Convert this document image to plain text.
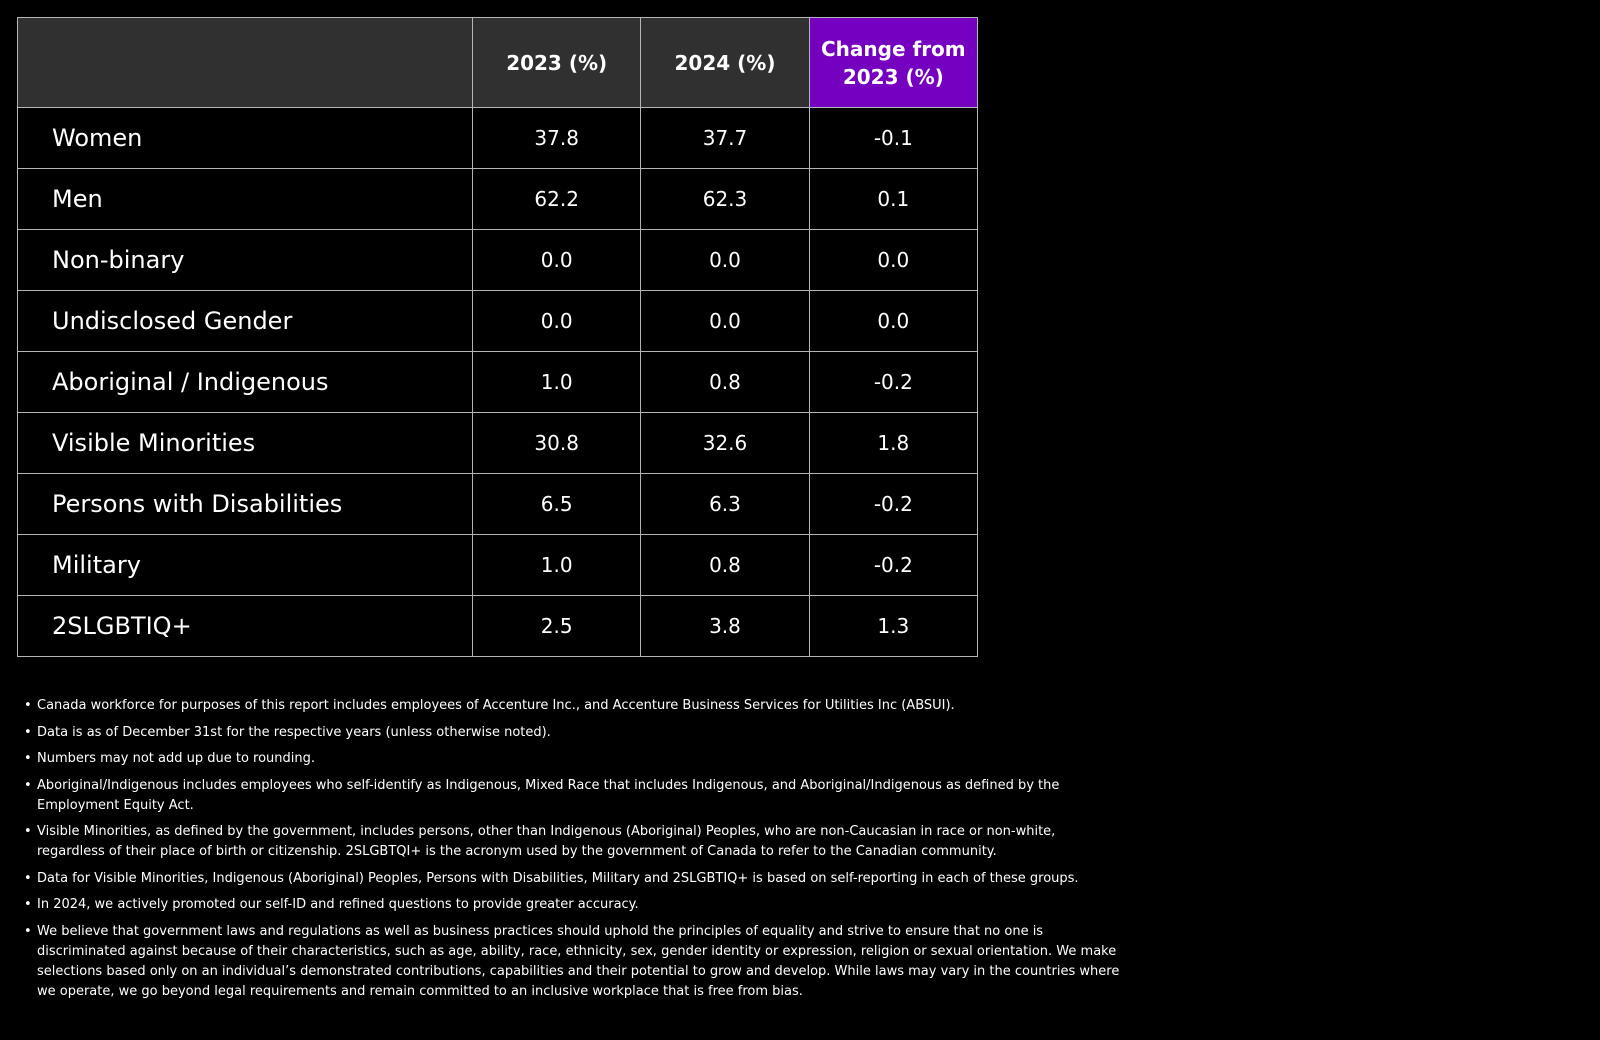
	2023 (%)	2024 (%)	Change from 2023 (%)
Women	37.8	37.7	-0.1
Men	62.2	62.3	0.1
Non-binary	0.0	0.0	0.0
Undisclosed Gender	0.0	0.0	0.0
Aboriginal / Indigenous	1.0	0.8	-0.2
Visible Minorities	30.8	32.6	1.8
Persons with Disabilities	6.5	6.3	-0.2
Military	1.0	0.8	-0.2
2SLGBTIQ+	2.5	3.8	1.3
• Canada workforce for purposes of this report includes employees of Accenture Inc., and Accenture Business Services for Utilities Inc (ABSUI).
• Data is as of December 31st for the respective years (unless otherwise noted).
• Numbers may not add up due to rounding.
• Aboriginal/Indigenous includes employees who self-identify as Indigenous, Mixed Race that includes Indigenous, and Aboriginal/Indigenous as defined by the Employment Equity Act.
• Visible Minorities, as defined by the government, includes persons, other than Indigenous (Aboriginal) Peoples, who are non-Caucasian in race or non-white, regardless of their place of birth or citizenship. 2SLGBTQI+ is the acronym used by the government of Canada to refer to the Canadian community.
• Data for Visible Minorities, Indigenous (Aboriginal) Peoples, Persons with Disabilities, Military and 2SLGBTIQ+ is based on self-reporting in each of these groups.
• In 2024, we actively promoted our self-ID and refined questions to provide greater accuracy.
• We believe that government laws and regulations as well as business practices should uphold the principles of equality and strive to ensure that no one is discriminated against because of their characteristics, such as age, ability, race, ethnicity, sex, gender identity or expression, religion or sexual orientation. We make selections based only on an individual’s demonstrated contributions, capabilities and their potential to grow and develop. While laws may vary in the countries where we operate, we go beyond legal requirements and remain committed to an inclusive workplace that is free from bias.
